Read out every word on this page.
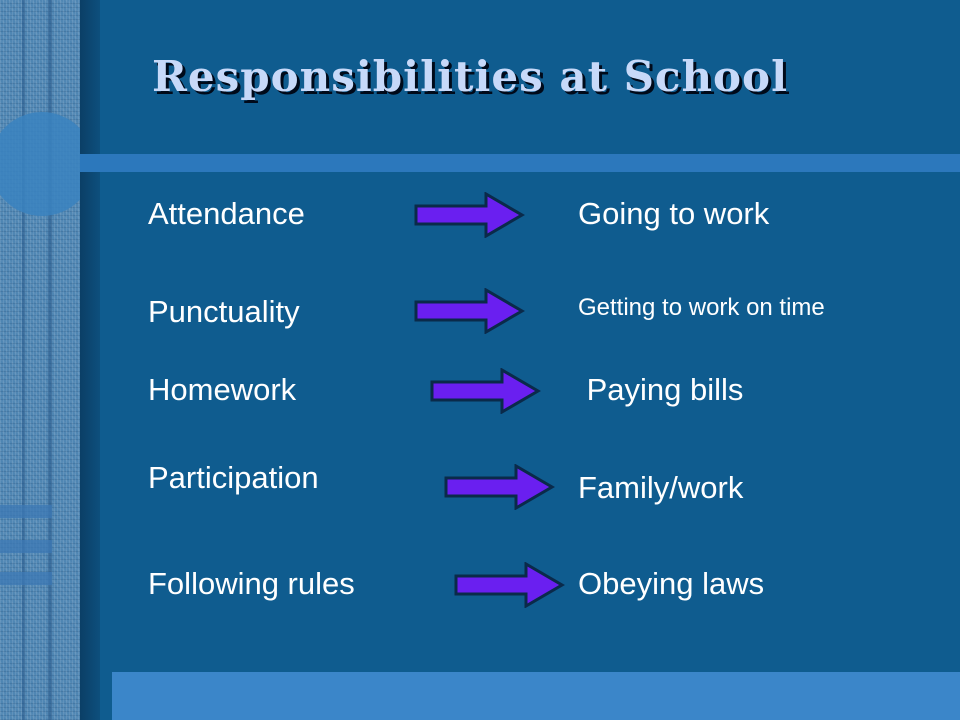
Responsibilities at School
Attendance	Going to work
Punctuality	Getting to work on time
Homework	Paying bills
Participation	Family/work
Following rules	Obeying laws
